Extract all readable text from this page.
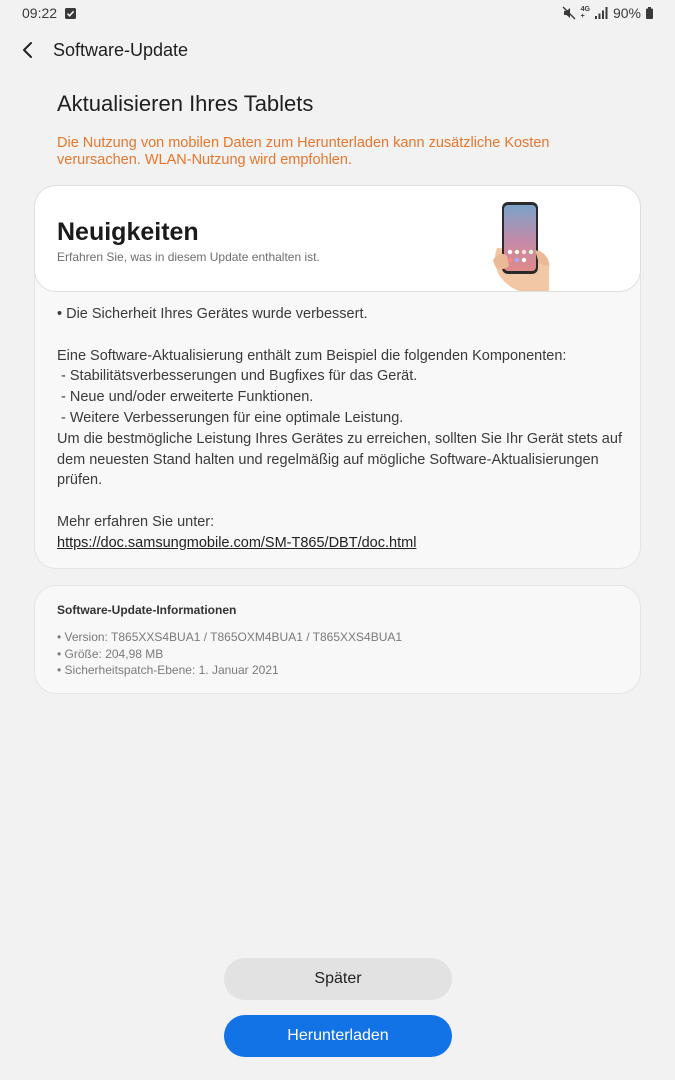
09:22	4G
+	90%
Software-Update
Aktualisieren Ihres Tablets
Die Nutzung von mobilen Daten zum Herunterladen kann zusätzliche Kosten verursachen. WLAN-Nutzung wird empfohlen.
Neuigkeiten
Erfahren Sie, was in diesem Update enthalten ist.

• Die Sicherheit Ihres Gerätes wurde verbessert.

Eine Software-Aktualisierung enthält zum Beispiel die folgenden Komponenten:

- Stabilitätsverbesserungen und Bugfixes für das Gerät.

- Neue und/oder erweiterte Funktionen.

- Weitere Verbesserungen für eine optimale Leistung.

Um die bestmögliche Leistung Ihres Gerätes zu erreichen, sollten Sie Ihr Gerät stets auf dem neuesten Stand halten und regelmäßig auf mögliche Software-Aktualisierungen prüfen.

Mehr erfahren Sie unter:

https://doc.samsungmobile.com/SM-T865/DBT/doc.html

Software-Update-Informationen
• Version: T865XXS4BUA1 / T865OXM4BUA1 / T865XXS4BUA1
• Größe: 204,98 MB
• Sicherheitspatch-Ebene: 1. Januar 2021
Später
Herunterladen
